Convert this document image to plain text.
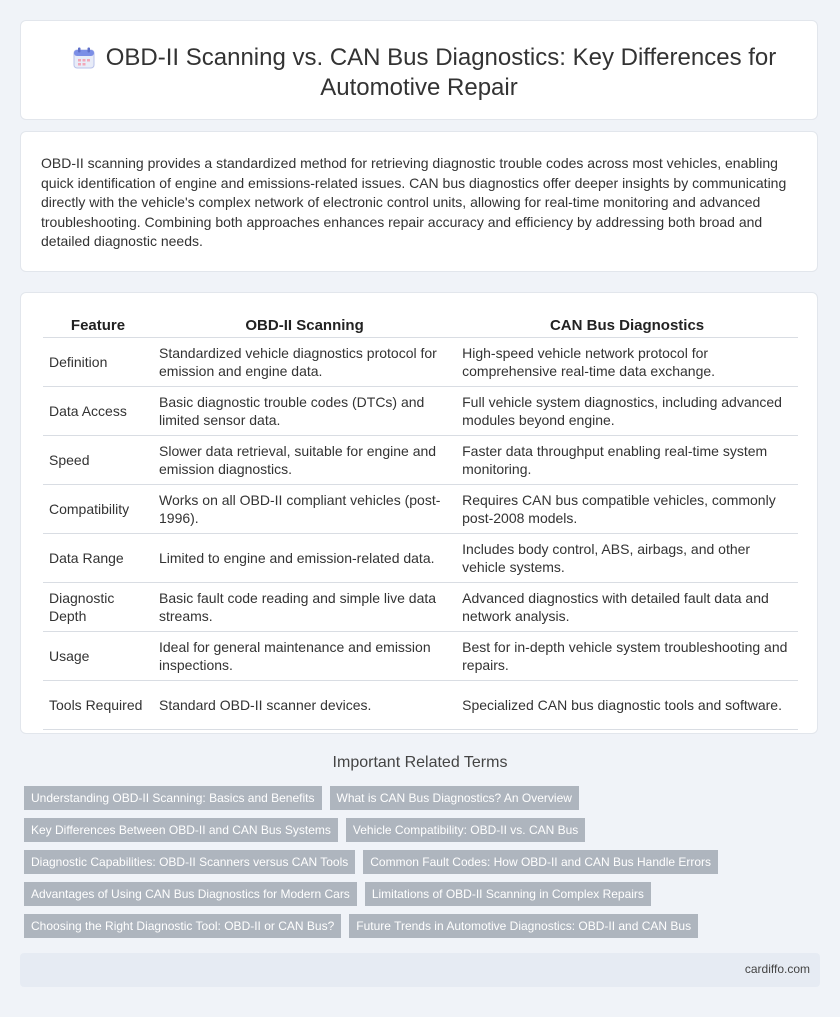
OBD-II Scanning vs. CAN Bus Diagnostics: Key Differences for
Automotive Repair

OBD-II scanning provides a standardized method for retrieving diagnostic trouble codes across most vehicles, enabling quick identification of engine and emissions-related issues. CAN bus diagnostics offer deeper insights by communicating directly with the vehicle's complex network of electronic control units, allowing for real-time monitoring and advanced troubleshooting. Combining both approaches enhances repair accuracy and efficiency by addressing both broad and detailed diagnostic needs.

Feature	OBD-II Scanning	CAN Bus Diagnostics
Definition	Standardized vehicle diagnostics protocol for emission and engine data.	High-speed vehicle network protocol for comprehensive real-time data exchange.
Data Access	Basic diagnostic trouble codes (DTCs) and limited sensor data.	Full vehicle system diagnostics, including advanced modules beyond engine.
Speed	Slower data retrieval, suitable for engine and emission diagnostics.	Faster data throughput enabling real-time system monitoring.
Compatibility	Works on all OBD-II compliant vehicles (post-1996).	Requires CAN bus compatible vehicles, commonly post-2008 models.
Data Range	Limited to engine and emission-related data.	Includes body control, ABS, airbags, and other vehicle systems.
Diagnostic Depth	Basic fault code reading and simple live data streams.	Advanced diagnostics with detailed fault data and network analysis.
Usage	Ideal for general maintenance and emission inspections.	Best for in-depth vehicle system troubleshooting and repairs.
Tools Required	Standard OBD-II scanner devices.	Specialized CAN bus diagnostic tools and software.
Important Related Terms
Understanding OBD-II Scanning: Basics and Benefits	What is CAN Bus Diagnostics? An Overview
Key Differences Between OBD-II and CAN Bus Systems	Vehicle Compatibility: OBD-II vs. CAN Bus
Diagnostic Capabilities: OBD-II Scanners versus CAN Tools	Common Fault Codes: How OBD-II and CAN Bus Handle Errors
Advantages of Using CAN Bus Diagnostics for Modern Cars	Limitations of OBD-II Scanning in Complex Repairs
Choosing the Right Diagnostic Tool: OBD-II or CAN Bus?	Future Trends in Automotive Diagnostics: OBD-II and CAN Bus
cardiffo.com
